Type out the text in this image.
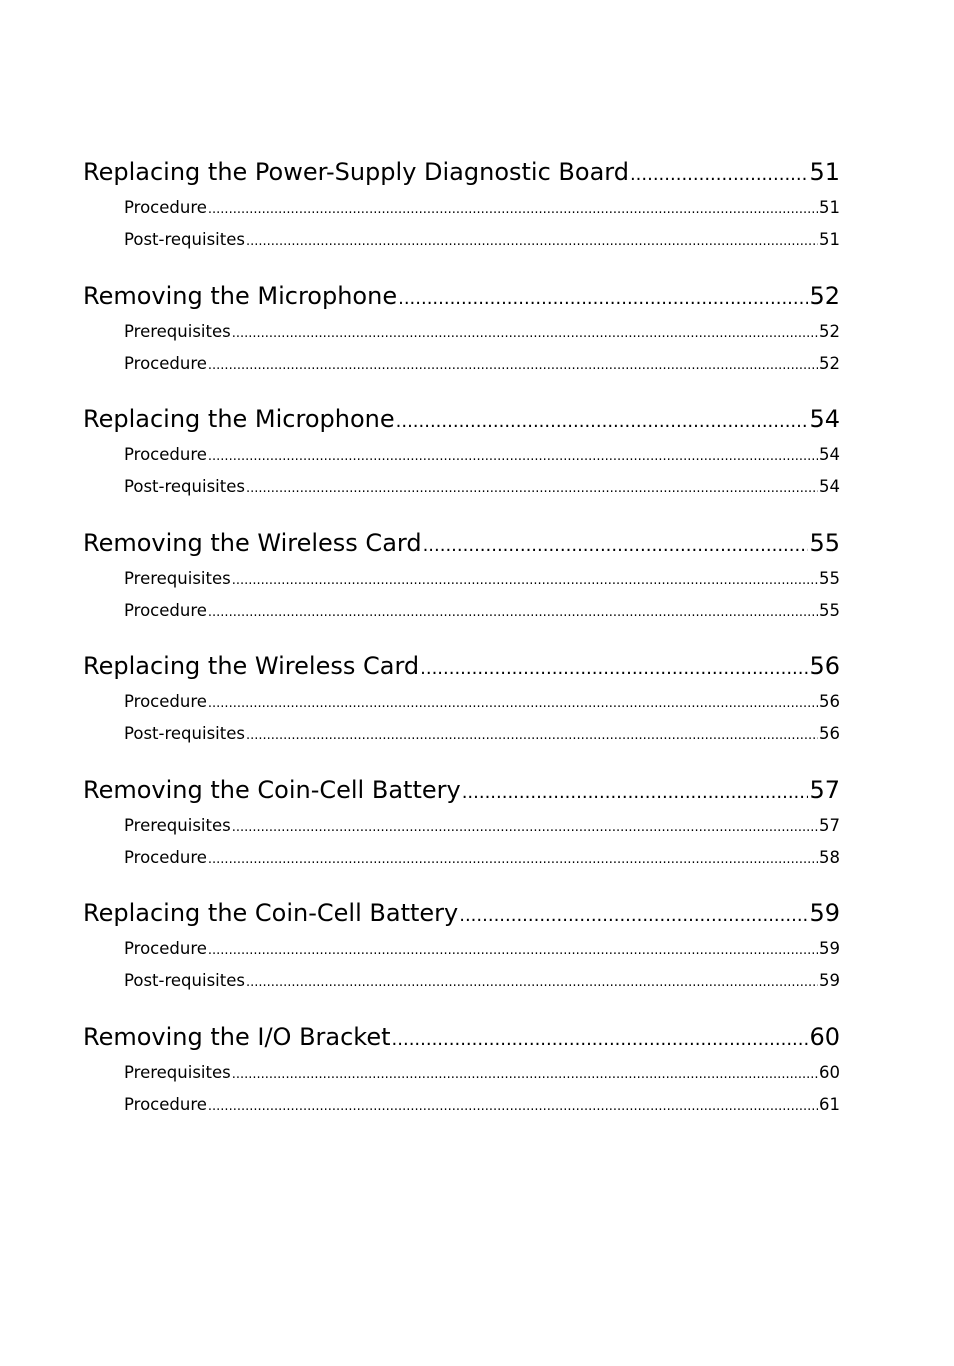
Replacing the Power-Supply Diagnostic Board .....	51
Procedure .....	51
Post-requisites .....	51
Removing the Microphone .....	52
Prerequisites .....	52
Procedure .....	52
Replacing the Microphone .....	54
Procedure .....	54
Post-requisites .....	54
Removing the Wireless Card .....	55
Prerequisites .....	55
Procedure .....	55
Replacing the Wireless Card .....	56
Procedure .....	56
Post-requisites .....	56
Removing the Coin-Cell Battery .....	57
Prerequisites .....	57
Procedure .....	58
Replacing the Coin-Cell Battery .....	59
Procedure .....	59
Post-requisites .....	59
Removing the I/O Bracket .....	60
Prerequisites .....	60
Procedure .....	61
